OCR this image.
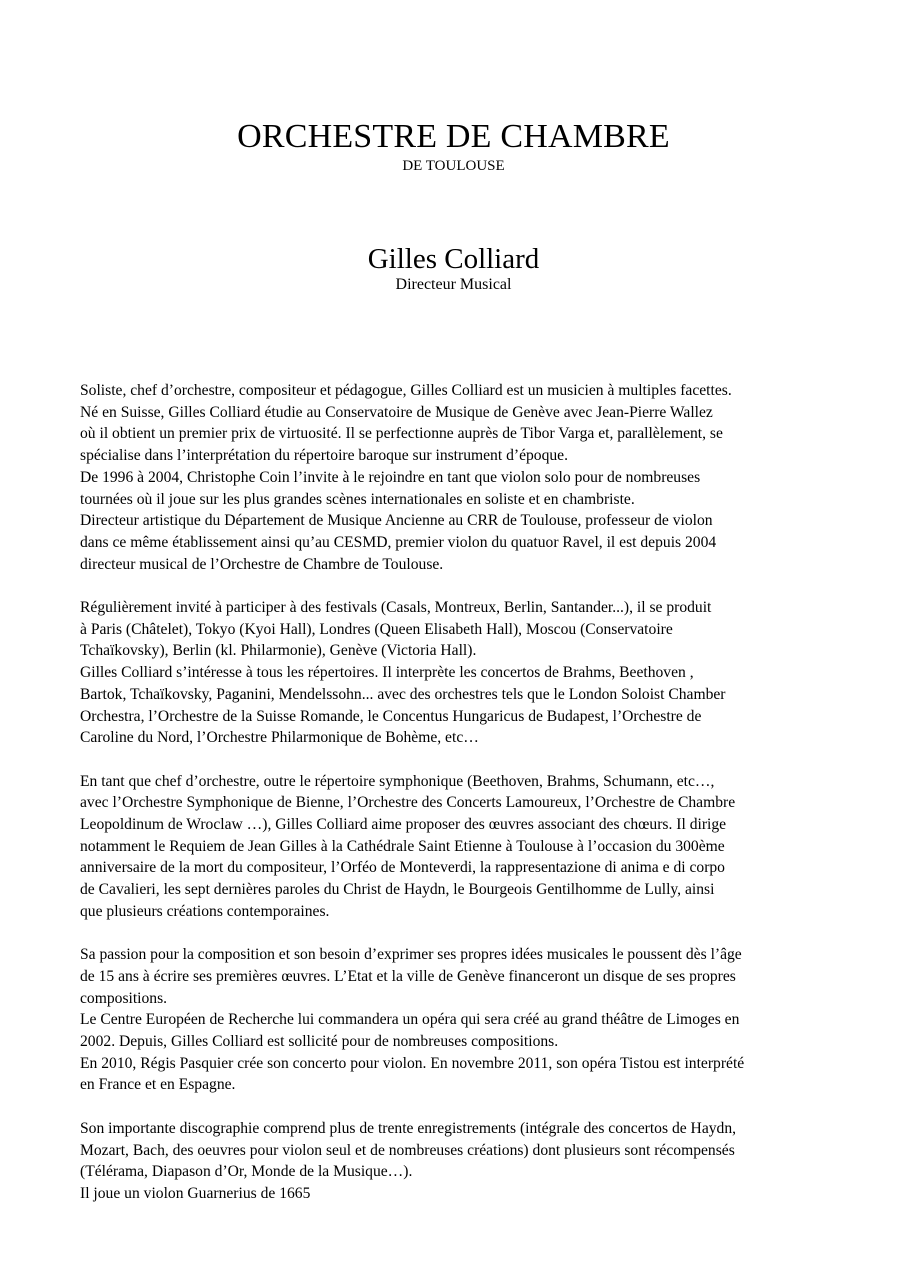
ORCHESTRE DE CHAMBRE
DE TOULOUSE
Gilles Colliard
Directeur Musical

Soliste, chef d’orchestre, compositeur et pédagogue, Gilles Colliard est un musicien à multiples facettes.
Né en Suisse, Gilles Colliard étudie au Conservatoire de Musique de Genève avec Jean-Pierre Wallez
où il obtient un premier prix de virtuosité. Il se perfectionne auprès de Tibor Varga et, parallèlement, se
spécialise dans l’interprétation du répertoire baroque sur instrument d’époque.
De 1996 à 2004, Christophe Coin l’invite à le rejoindre en tant que violon solo pour de nombreuses
tournées où il joue sur les plus grandes scènes internationales en soliste et en chambriste.
Directeur artistique du Département de Musique Ancienne au CRR de Toulouse, professeur de violon
dans ce même établissement ainsi qu’au CESMD, premier violon du quatuor Ravel, il est depuis 2004
directeur musical de l’Orchestre de Chambre de Toulouse.

Régulièrement invité à participer à des festivals (Casals, Montreux, Berlin, Santander...), il se produit
à Paris (Châtelet), Tokyo (Kyoi Hall), Londres (Queen Elisabeth Hall), Moscou (Conservatoire
Tchaïkovsky), Berlin (kl. Philarmonie), Genève (Victoria Hall).
Gilles Colliard s’intéresse à tous les répertoires. Il interprète les concertos de Brahms, Beethoven ,
Bartok, Tchaïkovsky, Paganini, Mendelssohn... avec des orchestres tels que le London Soloist Chamber
Orchestra, l’Orchestre de la Suisse Romande, le Concentus Hungaricus de Budapest, l’Orchestre de
Caroline du Nord, l’Orchestre Philarmonique de Bohème, etc…

En tant que chef d’orchestre, outre le répertoire symphonique (Beethoven, Brahms, Schumann, etc…,
avec l’Orchestre Symphonique de Bienne, l’Orchestre des Concerts Lamoureux, l’Orchestre de Chambre
Leopoldinum de Wroclaw …), Gilles Colliard aime proposer des œuvres associant des chœurs. Il dirige
notamment le Requiem de Jean Gilles à la Cathédrale Saint Etienne à Toulouse à l’occasion du 300ème
anniversaire de la mort du compositeur, l’Orféo de Monteverdi, la rappresentazione di anima e di corpo
de Cavalieri, les sept dernières paroles du Christ de Haydn, le Bourgeois Gentilhomme de Lully, ainsi
que plusieurs créations contemporaines.

Sa passion pour la composition et son besoin d’exprimer ses propres idées musicales le poussent dès l’âge
de 15 ans à écrire ses premières œuvres. L’Etat et la ville de Genève financeront un disque de ses propres
compositions.
Le Centre Européen de Recherche lui commandera un opéra qui sera créé au grand théâtre de Limoges en
2002. Depuis, Gilles Colliard est sollicité pour de nombreuses compositions.
En 2010, Régis Pasquier crée son concerto pour violon. En novembre 2011, son opéra Tistou est interprété
en France et en Espagne.

Son importante discographie comprend plus de trente enregistrements (intégrale des concertos de Haydn,
Mozart, Bach, des oeuvres pour violon seul et de nombreuses créations) dont plusieurs sont récompensés
(Télérama, Diapason d’Or, Monde de la Musique…).
Il joue un violon Guarnerius de 1665
